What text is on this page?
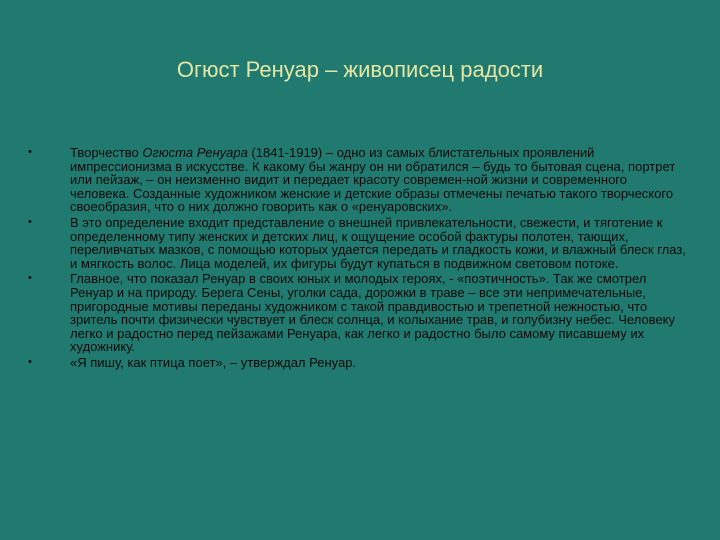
Огюст Ренуар – живописец радости
•	Творчество Огюста Ренуара (1841-1919) – одно из самых блистательных проявлений импрессионизма в искусстве. К какому бы жанру он ни обратился – будь то бытовая сцена, портрет или пейзаж, – он неизменно видит и передает красоту современ-ной жизни и современного человека. Созданные художником женские и детские образы отмечены печатью такого творческого своеобразия, что о них должно говорить как о «ренуаровских».
•	В это определение входит представление о внешней привлекательности, свежести, и тяготение к определенному типу женских и детских лиц, к ощущение особой фактуры полотен, тающих, переливчатых мазков, с помощью которых удается передать и гладкость кожи, и влажный блеск глаз, и мягкость волос. Лица моделей, их фигуры будут купаться в подвижном световом потоке.
•	Главное, что показал Ренуар в своих юных и молодых героях, - «поэтичность». Так же смотрел Ренуар и на природу. Берега Сены, уголки сада, дорожки в траве – все эти непримечательные, пригородные мотивы переданы художником с такой правдивостью и трепетной нежностью, что зритель почти физически чувствует и блеск солнца, и колыхание трав, и голубизну небес. Человеку легко и радостно перед пейзажами Ренуара, как легко и радостно было самому писавшему их художнику.
•	«Я пишу, как птица поет», – утверждал Ренуар.
